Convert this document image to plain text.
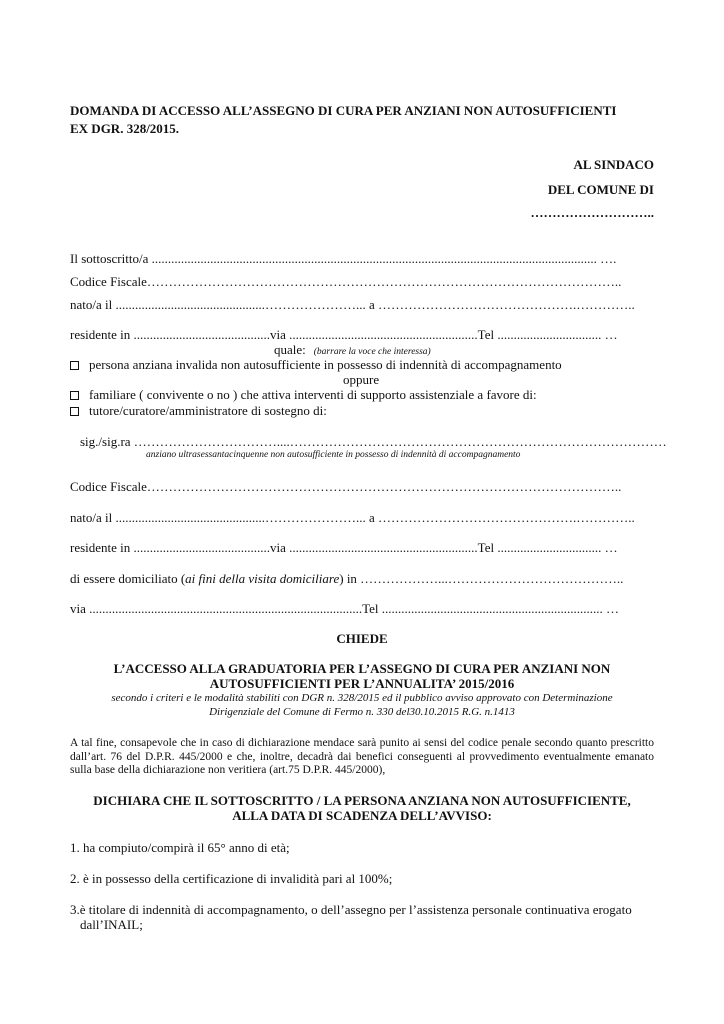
DOMANDA DI ACCESSO ALL’ASSEGNO DI CURA PER ANZIANI NON AUTOSUFFICIENTI
EX DGR. 328/2015.
AL SINDACO
DEL COMUNE DI
………………………..
Il sottoscritto/a ......................................................................................................................................... ….
Codice Fiscale………………………………………………………………………………………………..
nato/a il ..............................................…………………... a ……………………………………….…………..
residente in ..........................................via ..........................................................Tel ................................ …
quale: (barrare la voce che interessa)
persona anziana invalida non autosufficiente in possesso di indennità di accompagnamento
oppure
familiare ( convivente o no ) che attiva interventi di supporto assistenziale a favore di:
tutore/curatore/amministratore di sostegno di:
sig./sig.ra ……………………………....……………………………………………………………………………
anziano ultrasessantacinquenne non autosufficiente in possesso di indennità di accompagnamento
Codice Fiscale………………………………………………………………………………………………..
nato/a il ..............................................…………………... a ……………………………………….…………..
residente in ..........................................via ..........................................................Tel ................................ …
di essere domiciliato (ai fini della visita domiciliare) in ………………...…………………………………..
via ....................................................................................Tel .................................................................... …
CHIEDE
L’ACCESSO ALLA GRADUATORIA PER L’ASSEGNO DI CURA PER ANZIANI NON
AUTOSUFFICIENTI PER L’ANNUALITA’ 2015/2016
secondo i criteri e le modalità stabiliti con DGR n. 328/2015 ed il pubblico avviso approvato con Determinazione
Dirigenziale del Comune di Fermo n. 330 del30.10.2015 R.G. n.1413
A tal fine, consapevole che in caso di dichiarazione mendace sarà punito ai sensi del codice penale secondo quanto prescritto dall’art. 76 del D.P.R. 445/2000 e che, inoltre, decadrà dai benefici conseguenti al provvedimento eventualmente emanato sulla base della dichiarazione non veritiera (art.75 D.P.R. 445/2000),
DICHIARA CHE IL SOTTOSCRITTO / LA PERSONA ANZIANA NON AUTOSUFFICIENTE,
ALLA DATA DI SCADENZA DELL’AVVISO:
1. ha compiuto/compirà il 65° anno di età;
2. è in possesso della certificazione di invalidità pari al 100%;
3.è titolare di indennità di accompagnamento, o dell’assegno per l’assistenza personale continuativa erogato
dall’INAIL;
